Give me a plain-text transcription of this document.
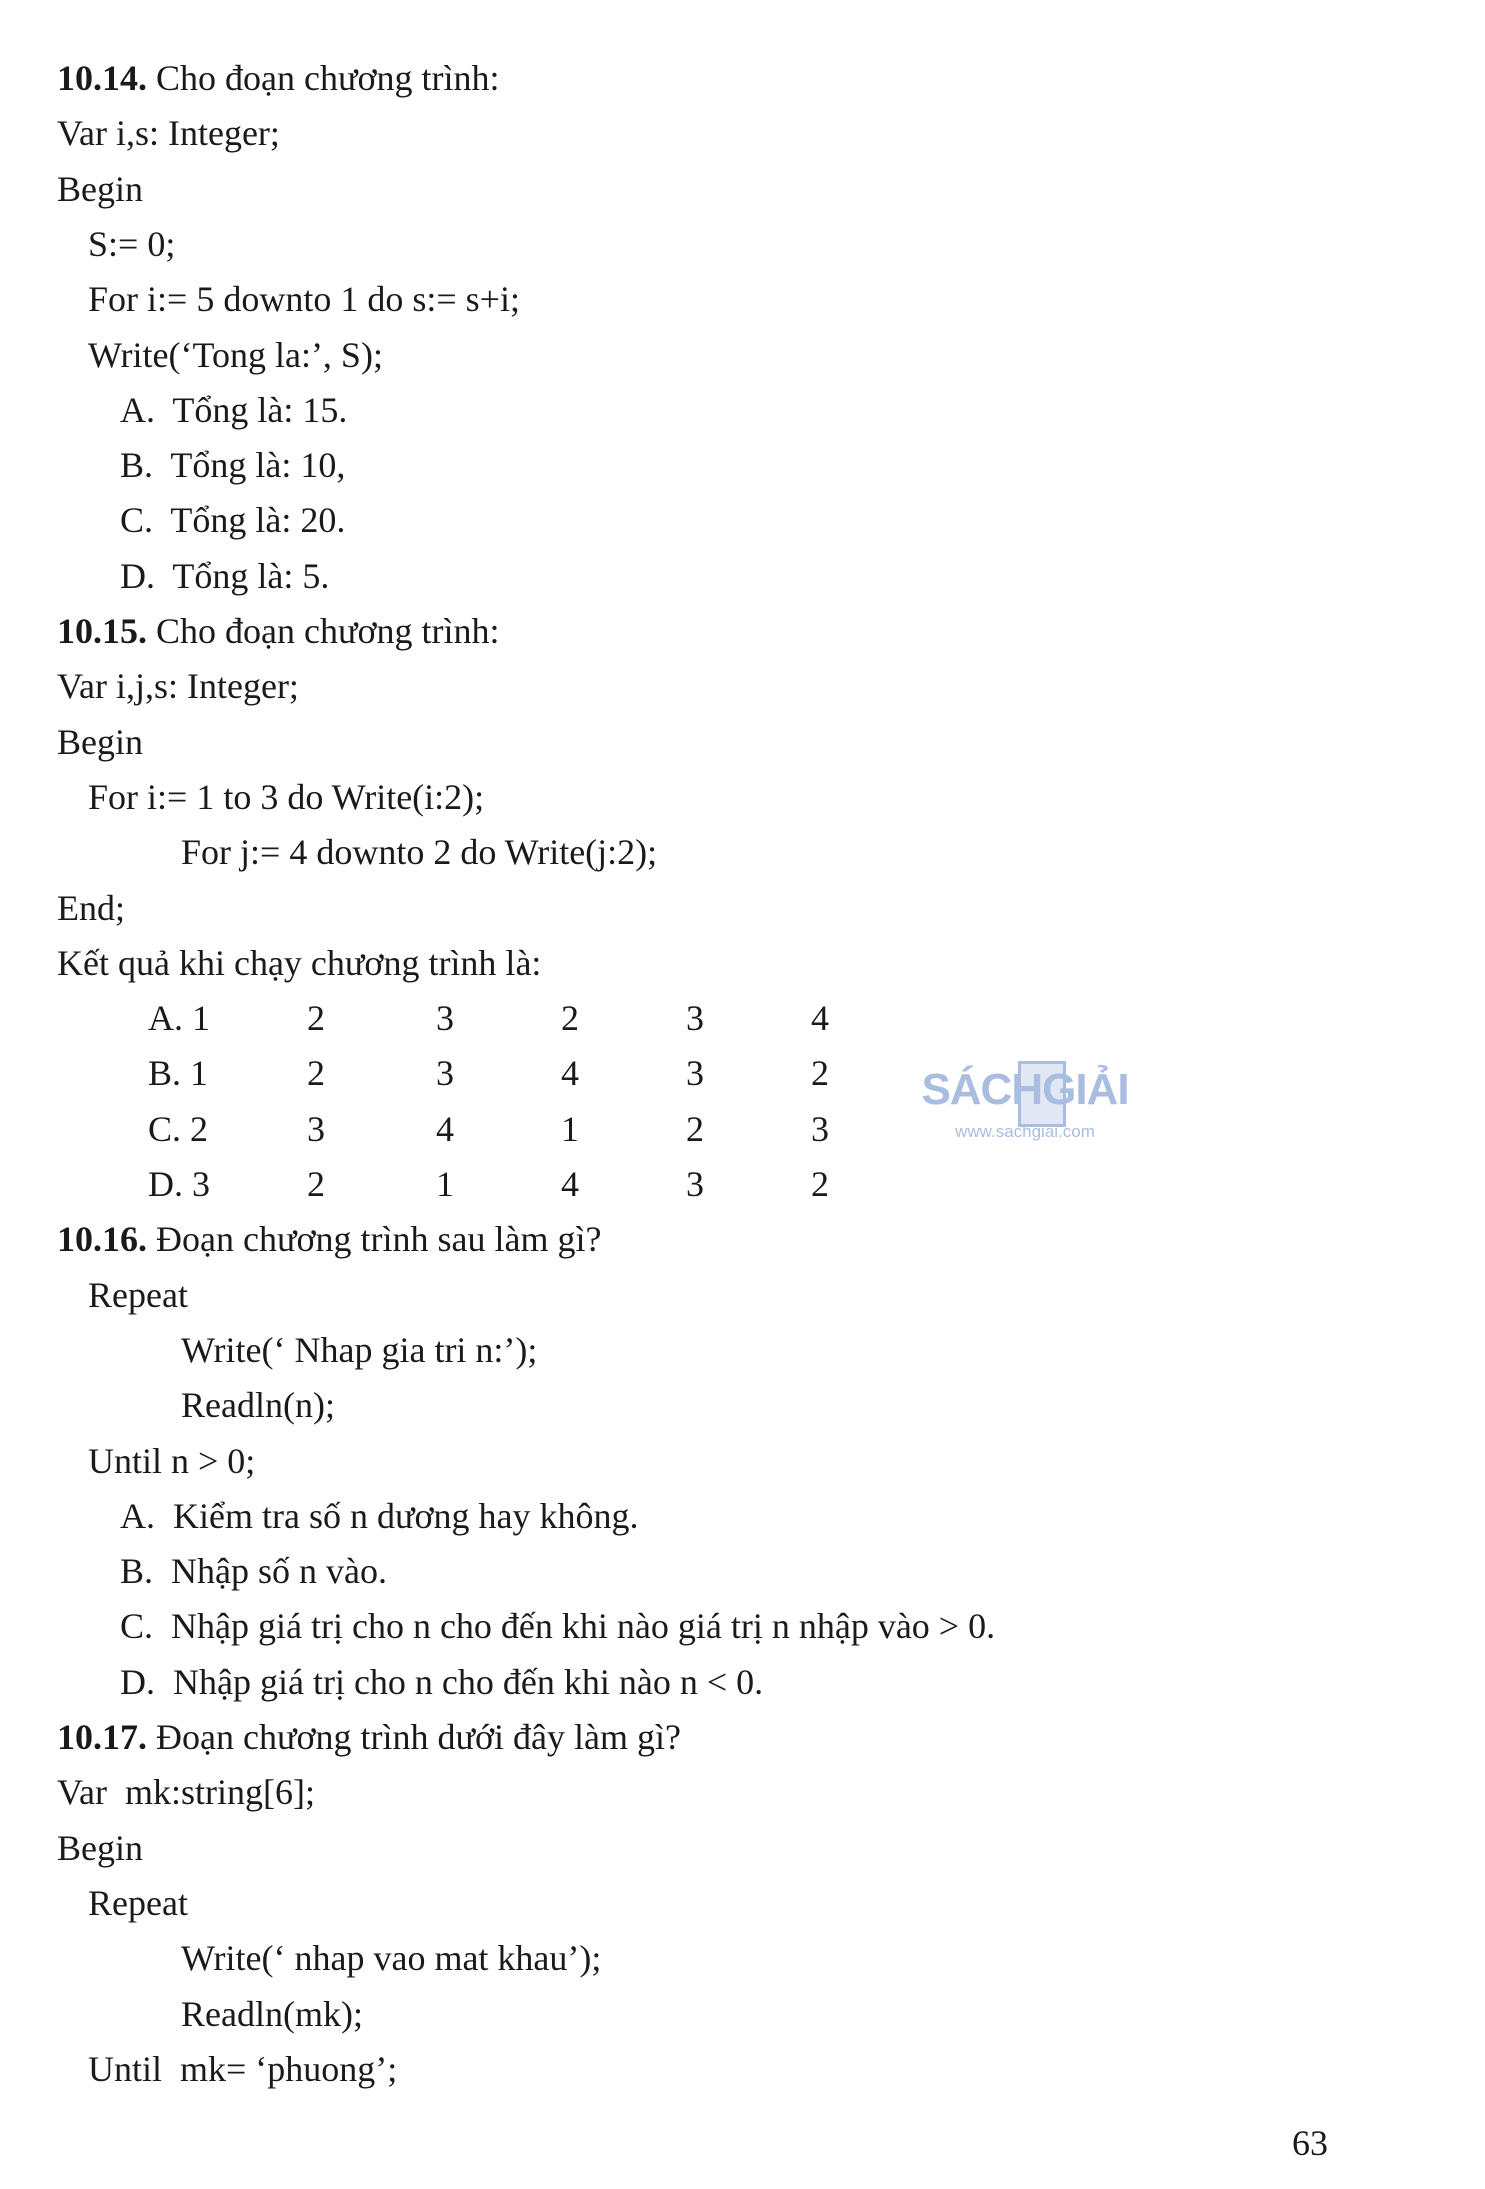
10.14. Cho đoạn chương trình:
Var i,s: Integer;
Begin
S:= 0;
For i:= 5 downto 1 do s:= s+i;
Write(‘Tong la:’, S);
A.  Tổng là: 15.
B.  Tổng là: 10,
C.  Tổng là: 20.
D.  Tổng là: 5.
10.15. Cho đoạn chương trình:
Var i,j,s: Integer;
Begin
For i:= 1 to 3 do Write(i:2);
For j:= 4 downto 2 do Write(j:2);
End;
Kết quả khi chạy chương trình là:
A. 1	2	3	2	3	4
B. 1	2	3	4	3	2
C. 2	3	4	1	2	3
D. 3	2	1	4	3	2
10.16. Đoạn chương trình sau làm gì?
Repeat
Write(‘ Nhap gia tri n:’);
Readln(n);
Until n > 0;
A.  Kiểm tra số n dương hay không.
B.  Nhập số n vào.
C.  Nhập giá trị cho n cho đến khi nào giá trị n nhập vào > 0.
D.  Nhập giá trị cho n cho đến khi nào n < 0.
10.17. Đoạn chương trình dưới đây làm gì?
Var  mk:string[6];
Begin
Repeat
Write(‘ nhap vao mat khau’);
Readln(mk);
Until  mk= ‘phuong’;
63
SÁCHGIẢI
www.sachgiai.com
